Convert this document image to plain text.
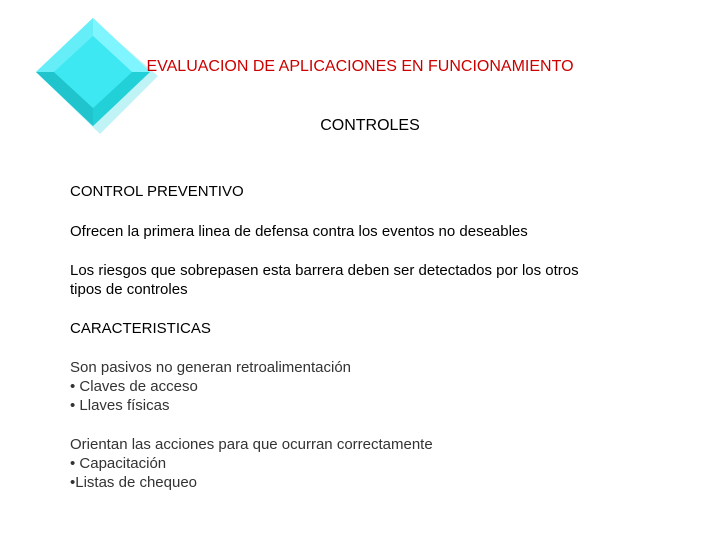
EVALUACION DE APLICACIONES EN FUNCIONAMIENTO
CONTROLES

CONTROL PREVENTIVO

Ofrecen la primera linea de defensa contra los eventos no deseables

Los riesgos que sobrepasen esta barrera deben ser detectados por los otros
tipos de controles

CARACTERISTICAS

Son pasivos no generan retroalimentación
• Claves de acceso
• Llaves físicas

Orientan las acciones para que ocurran correctamente
• Capacitación
•Listas de chequeo
